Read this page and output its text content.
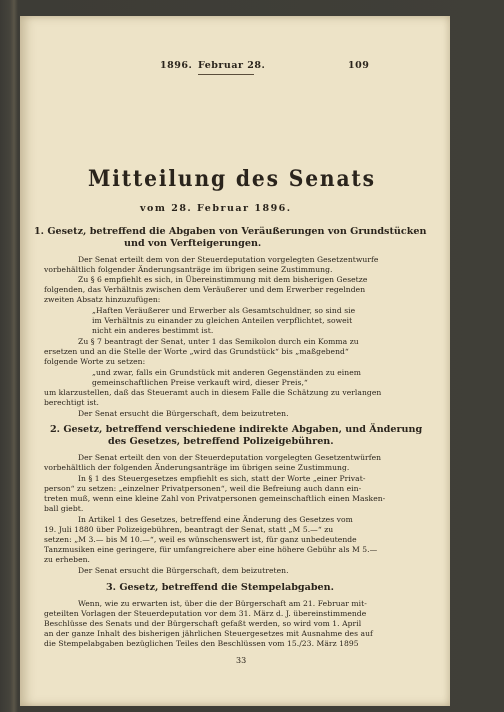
1896. Februar 28.	109
Mitteilung des Senats
vom 28. Februar 1896.
1. Gesetz, betreffend die Abgaben von Veräußerungen von Grundstücken
und von Verfteigerungen.
Der Senat erteilt dem von der Steuerdeputation vorgelegten Gesetzentwurfe
vorbehältlich folgender Änderungsanträge im übrigen seine Zustimmung.
Zu § 6 empfiehlt es sich, in Übereinstimmung mit dem bisherigen Gesetze
folgenden, das Verhältnis zwischen dem Veräußerer und dem Erwerber regelnden
zweiten Absatz hinzuzufügen:
„Haften Veräußerer und Erwerber als Gesamtschuldner, so sind sie
im Verhältnis zu einander zu gleichen Anteilen verpflichtet, soweit
nicht ein anderes bestimmt ist.
Zu § 7 beantragt der Senat, unter 1 das Semikolon durch ein Komma zu
ersetzen und an die Stelle der Worte „wird das Grundstück“ bis „maßgebend“
folgende Worte zu setzen:
„und zwar, falls ein Grundstück mit anderen Gegenständen zu einem
gemeinschaftlichen Preise verkauft wird, dieser Preis,“
um klarzustellen, daß das Steueramt auch in diesem Falle die Schätzung zu verlangen
berechtigt ist.
Der Senat ersucht die Bürgerschaft, dem beizutreten.
2. Gesetz, betreffend verschiedene indirekte Abgaben, und Änderung
des Gesetzes, betreffend Polizeigebühren.
Der Senat erteilt den von der Steuerdeputation vorgelegten Gesetzentwürfen
vorbehältlich der folgenden Änderungsanträge im übrigen seine Zustimmung.
In § 1 des Steuergesetzes empfiehlt es sich, statt der Worte „einer Privat-
person“ zu setzen: „einzelner Privatpersonen“, weil die Befreiung auch dann ein-
treten muß, wenn eine kleine Zahl von Privatpersonen gemeinschaftlich einen Masken-
ball giebt.
In Artikel 1 des Gesetzes, betreffend eine Änderung des Gesetzes vom
19. Juli 1880 über Polizeigebühren, beantragt der Senat, statt „M 5.—“ zu
setzen: „M 3.— bis M 10.—“, weil es wünschenswert ist, für ganz unbedeutende
Tanzmusiken eine geringere, für umfangreichere aber eine höhere Gebühr als M 5.—
zu erheben.
Der Senat ersucht die Bürgerschaft, dem beizutreten.
3. Gesetz, betreffend die Stempelabgaben.
Wenn, wie zu erwarten ist, über die der Bürgerschaft am 21. Februar mit-
geteilten Vorlagen der Steuerdeputation vor dem 31. März d. J. übereinstimmende
Beschlüsse des Senats und der Bürgerschaft gefaßt werden, so wird vom 1. April
an der ganze Inhalt des bisherigen jährlichen Steuergesetzes mit Ausnahme des auf
die Stempelabgaben bezüglichen Teiles den Beschlüssen vom 15./23. März 1895
33
